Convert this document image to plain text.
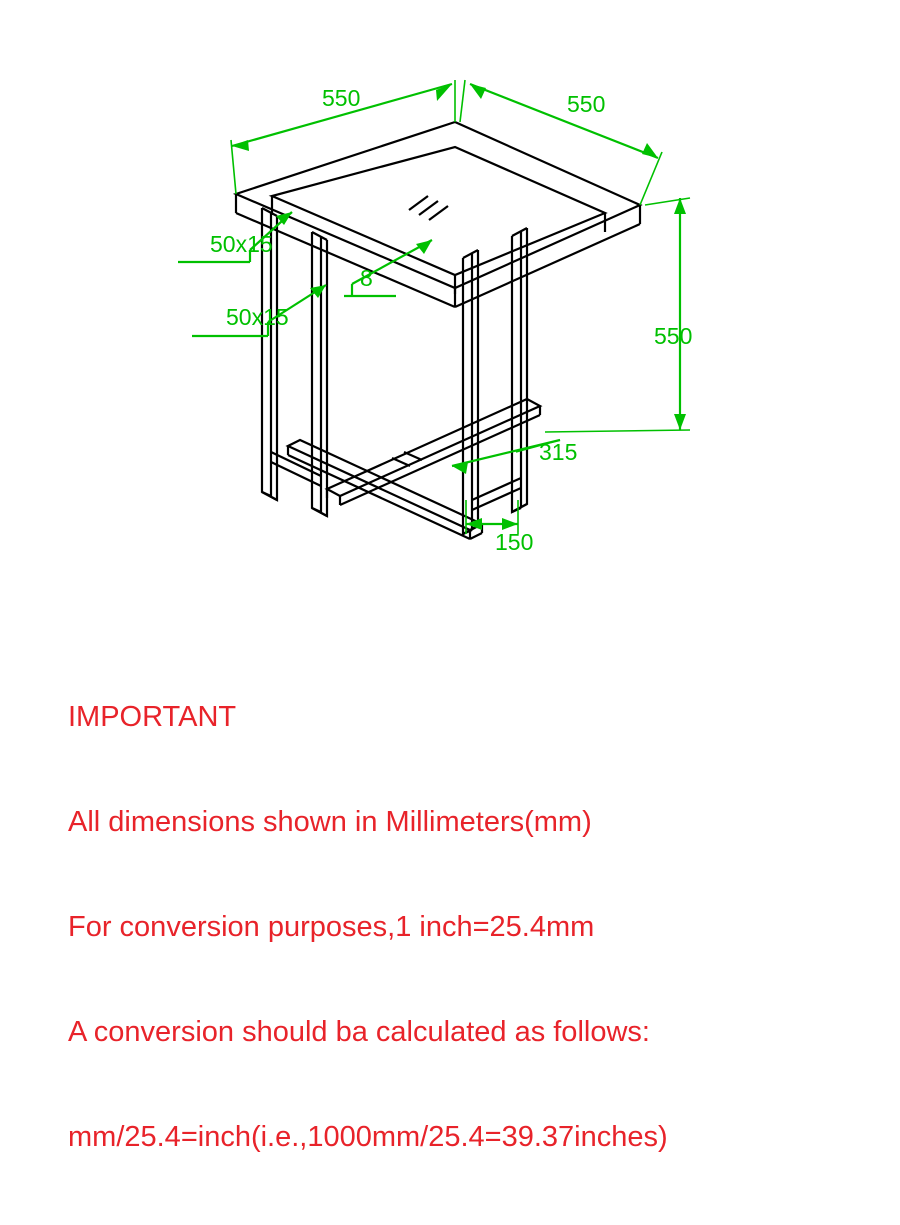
550	550
550
50x15
50x15
8
315
150

IMPORTANT

All dimensions shown in Millimeters(mm)

For conversion purposes,1 inch=25.4mm

A conversion should ba calculated as follows:

mm/25.4=inch(i.e.,1000mm/25.4=39.37inches)
